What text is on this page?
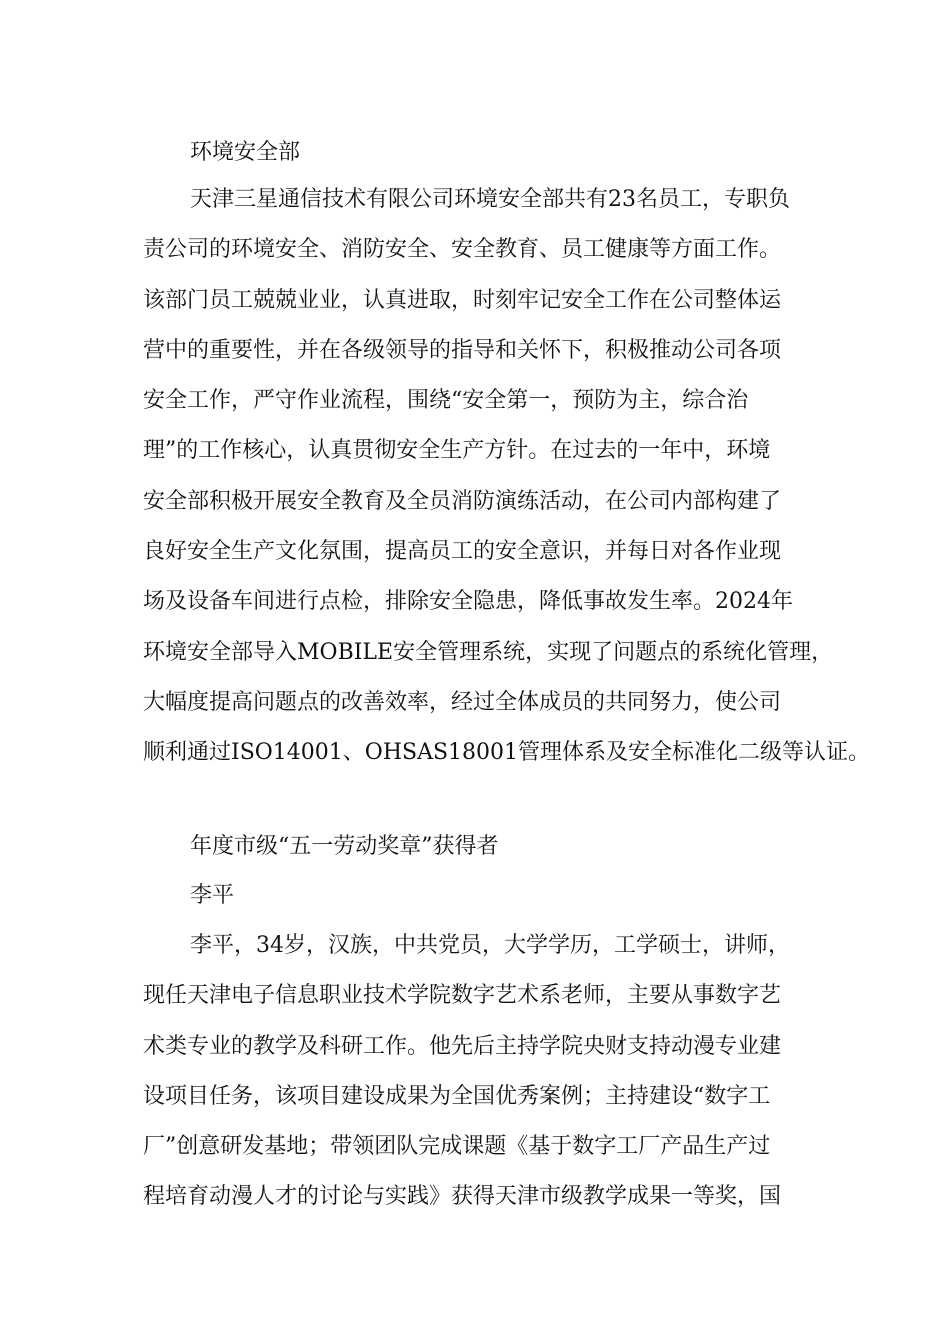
环境安全部
天津三星通信技术有限公司环境安全部共有23名员工，专职负
责公司的环境安全、消防安全、安全教育、员工健康等方面工作。
该部门员工兢兢业业，认真进取，时刻牢记安全工作在公司整体运
营中的重要性，并在各级领导的指导和关怀下，积极推动公司各项
安全工作，严守作业流程，围绕“安全第一，预防为主，综合治
理”的工作核心，认真贯彻安全生产方针。在过去的一年中，环境
安全部积极开展安全教育及全员消防演练活动，在公司内部构建了
良好安全生产文化氛围，提高员工的安全意识，并每日对各作业现
场及设备车间进行点检，排除安全隐患，降低事故发生率。2024年
环境安全部导入MOBILE安全管理系统，实现了问题点的系统化管理，
大幅度提高问题点的改善效率，经过全体成员的共同努力，使公司
顺利通过ISO14001、OHSAS18001管理体系及安全标准化二级等认证。
年度市级“五一劳动奖章”获得者
李平
李平，34岁，汉族，中共党员，大学学历，工学硕士，讲师，
现任天津电子信息职业技术学院数字艺术系老师，主要从事数字艺
术类专业的教学及科研工作。他先后主持学院央财支持动漫专业建
设项目任务，该项目建设成果为全国优秀案例；主持建设“数字工
厂”创意研发基地；带领团队完成课题《基于数字工厂产品生产过
程培育动漫人才的讨论与实践》获得天津市级教学成果一等奖，国
